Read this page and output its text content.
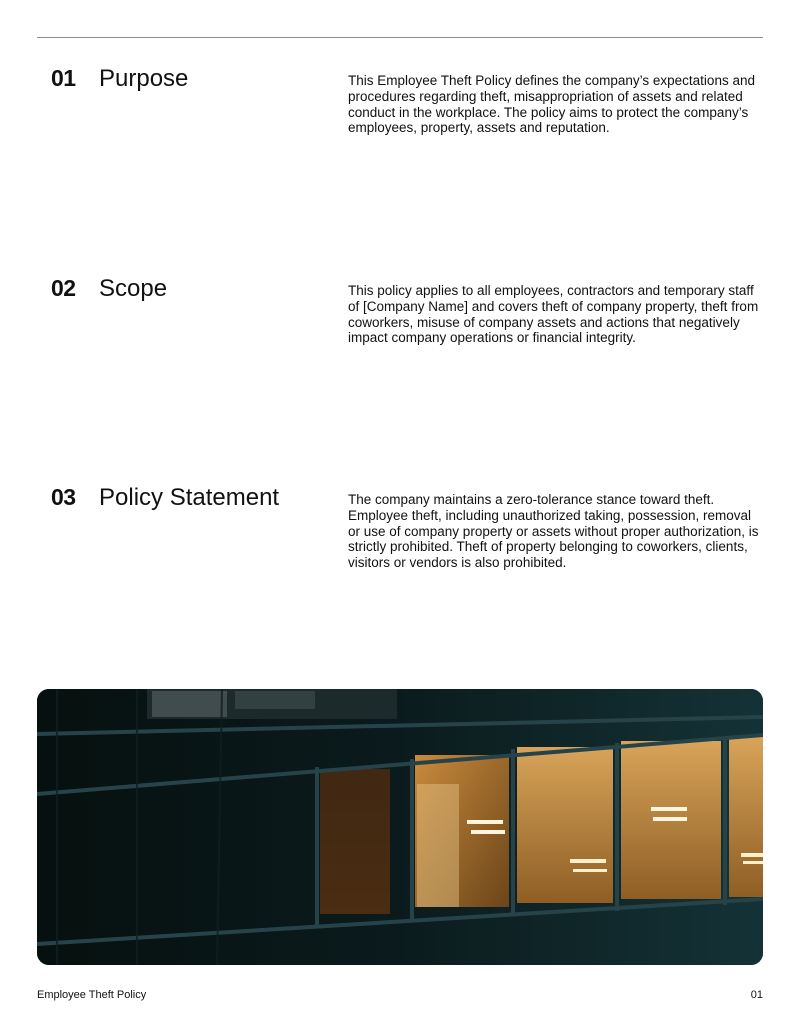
01 Purpose	This Employee Theft Policy defines the company’s expectations and procedures regarding theft, misappropriation of assets and related conduct in the workplace. The policy aims to protect the company’s employees, property, assets and reputation.
02 Scope	This policy applies to all employees, contractors and temporary staff of [Company Name] and covers theft of company property, theft from coworkers, misuse of company assets and actions that negatively impact company operations or financial integrity.
03 Policy Statement	The company maintains a zero-tolerance stance toward theft. Employee theft, including unauthorized taking, possession, removal or use of company property or assets without proper authorization, is strictly prohibited. Theft of property belonging to coworkers, clients, visitors or vendors is also prohibited.
Employee Theft Policy	01
